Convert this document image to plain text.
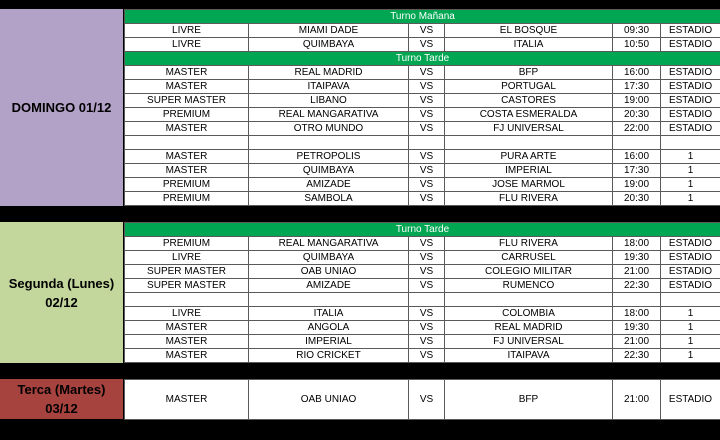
DOMINGO 01/12
Segunda (Lunes) 02/12
Terca (Martes) 03/12
Turno Mañana					
LIVRE	MIAMI DADE	VS	EL BOSQUE	09:30	ESTADIO
LIVRE	QUIMBAYA	VS	ITALIA	10:50	ESTADIO
Turno Tarde					
MASTER	REAL MADRID	VS	BFP	16:00	ESTADIO
MASTER	ITAIPAVA	VS	PORTUGAL	17:30	ESTADIO
SUPER MASTER	LIBANO	VS	CASTORES	19:00	ESTADIO
PREMIUM	REAL MANGARATIVA	VS	COSTA ESMERALDA	20:30	ESTADIO
MASTER	OTRO MUNDO	VS	FJ UNIVERSAL	22:00	ESTADIO

MASTER	PETROPOLIS	VS	PURA ARTE	16:00	1
MASTER	QUIMBAYA	VS	IMPERIAL	17:30	1
PREMIUM	AMIZADE	VS	JOSE MARMOL	19:00	1
PREMIUM	SAMBOLA	VS	FLU RIVERA	20:30	1
Turno Tarde					
PREMIUM	REAL MANGARATIVA	VS	FLU RIVERA	18:00	ESTADIO
LIVRE	QUIMBAYA	VS	CARRUSEL	19:30	ESTADIO
SUPER MASTER	OAB UNIAO	VS	COLEGIO MILITAR	21:00	ESTADIO
SUPER MASTER	AMIZADE	VS	RUMENCO	22:30	ESTADIO

LIVRE	ITALIA	VS	COLOMBIA	18:00	1
MASTER	ANGOLA	VS	REAL MADRID	19:30	1
MASTER	IMPERIAL	VS	FJ UNIVERSAL	21:00	1
MASTER	RIO CRICKET	VS	ITAIPAVA	22:30	1
MASTER	OAB UNIAO	VS	BFP	21:00	ESTADIO
